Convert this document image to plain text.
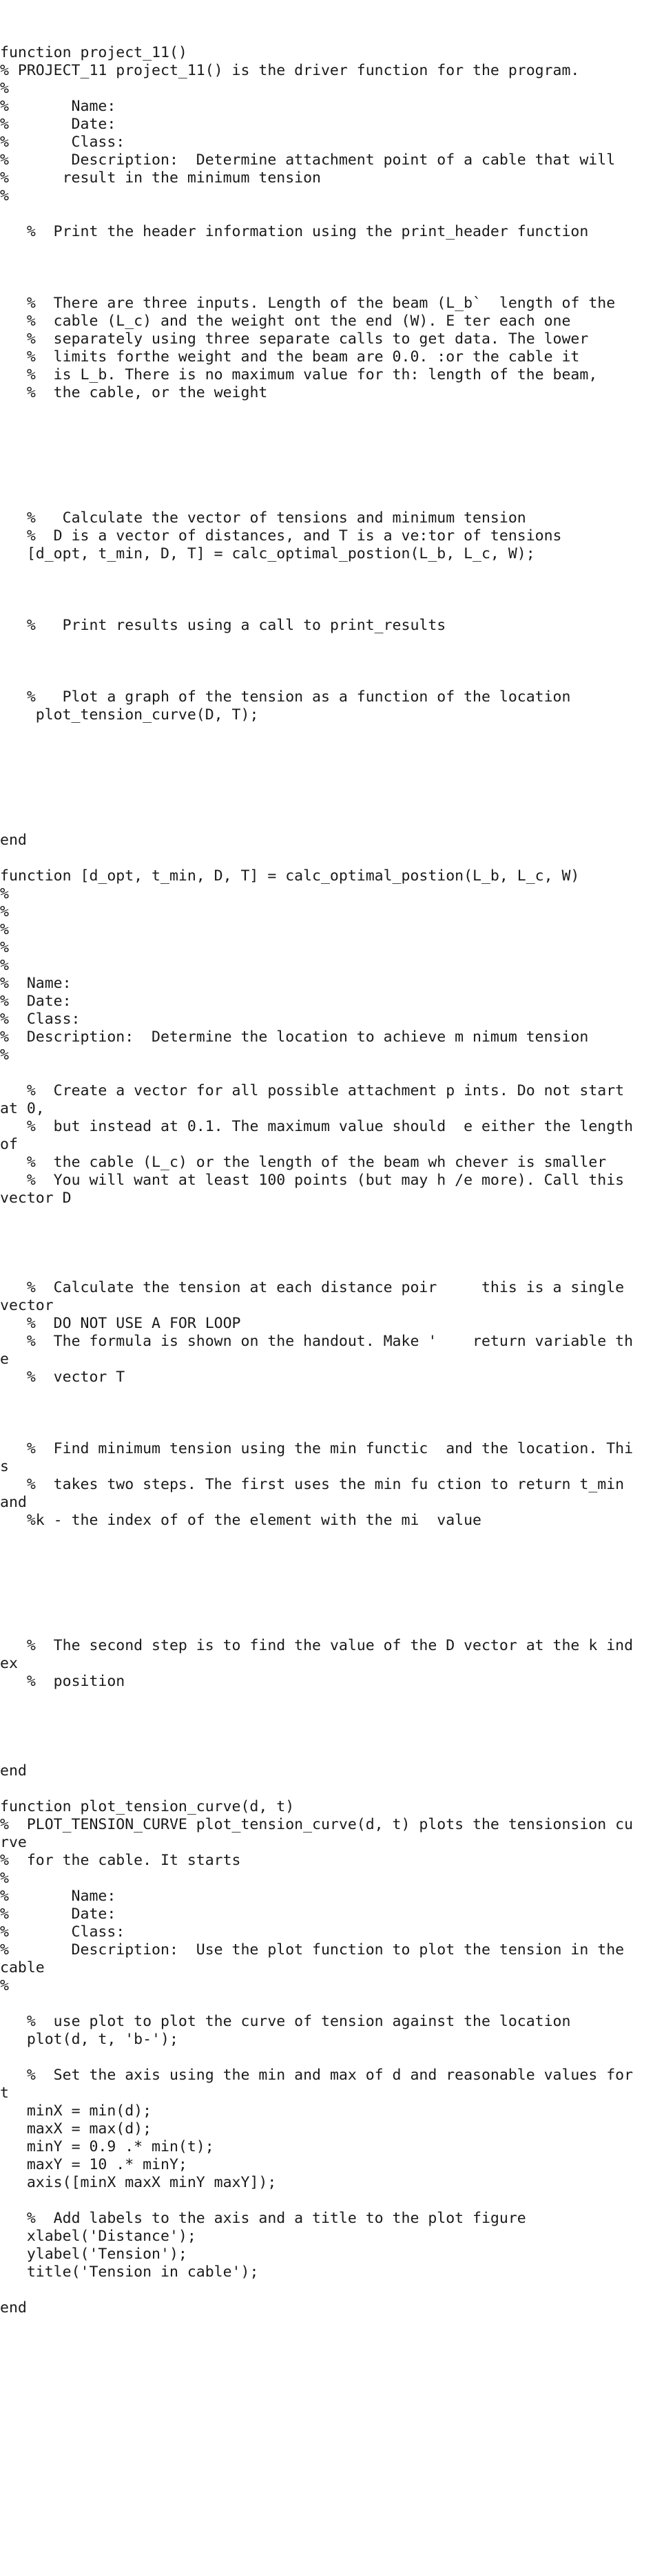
function project_11()
% PROJECT_11 project_11() is the driver function for the program.
%
%       Name:
%       Date:
%       Class:
%       Description:  Determine attachment point of a cable that will
%      result in the minimum tension
%
%  Print the header information using the print_header function
%  There are three inputs. Length of the beam (L_b`  length of the
%  cable (L_c) and the weight ont the end (W). E ter each one
%  separately using three separate calls to get data. The lower
%  limits forthe weight and the beam are 0.0. :or the cable it
%  is L_b. There is no maximum value for th: length of the beam,
%  the cable, or the weight
%   Calculate the vector of tensions and minimum tension
%  D is a vector of distances, and T is a ve:tor of tensions
[d_opt, t_min, D, T] = calc_optimal_postion(L_b, L_c, W);
%   Print results using a call to print_results
%   Plot a graph of the tension as a function of the location
plot_tension_curve(D, T);
end
function [d_opt, t_min, D, T] = calc_optimal_postion(L_b, L_c, W)
%
%
%
%
%
%  Name:
%  Date:
%  Class:
%  Description:  Determine the location to achieve m nimum tension
%
%  Create a vector for all possible attachment p ints. Do not start at 0,
%  but instead at 0.1. The maximum value should  e either the length of
%  the cable (L_c) or the length of the beam wh chever is smaller
%  You will want at least 100 points (but may h /e more). Call this vector D
%  Calculate the tension at each distance poir     this is a single vector
%  DO NOT USE A FOR LOOP
%  The formula is shown on the handout. Make '    return variable the
%  vector T
%  Find minimum tension using the min functic  and the location. This
%  takes two steps. The first uses the min fu ction to return t_min and
%k - the index of of the element with the mi  value
%  The second step is to find the value of the D vector at the k index
%  position
end
function plot_tension_curve(d, t)
%  PLOT_TENSION_CURVE plot_tension_curve(d, t) plots the tensionsion curve
%  for the cable. It starts
%
%       Name:
%       Date:
%       Class:
%       Description:  Use the plot function to plot the tension in the cable
%
%  use plot to plot the curve of tension against the location
plot(d, t, 'b-');
%  Set the axis using the min and max of d and reasonable values for t
minX = min(d);
maxX = max(d);
minY = 0.9 .* min(t);
maxY = 10 .* minY;
axis([minX maxX minY maxY]);
%  Add labels to the axis and a title to the plot figure
xlabel('Distance');
ylabel('Tension');
title('Tension in cable');
end
